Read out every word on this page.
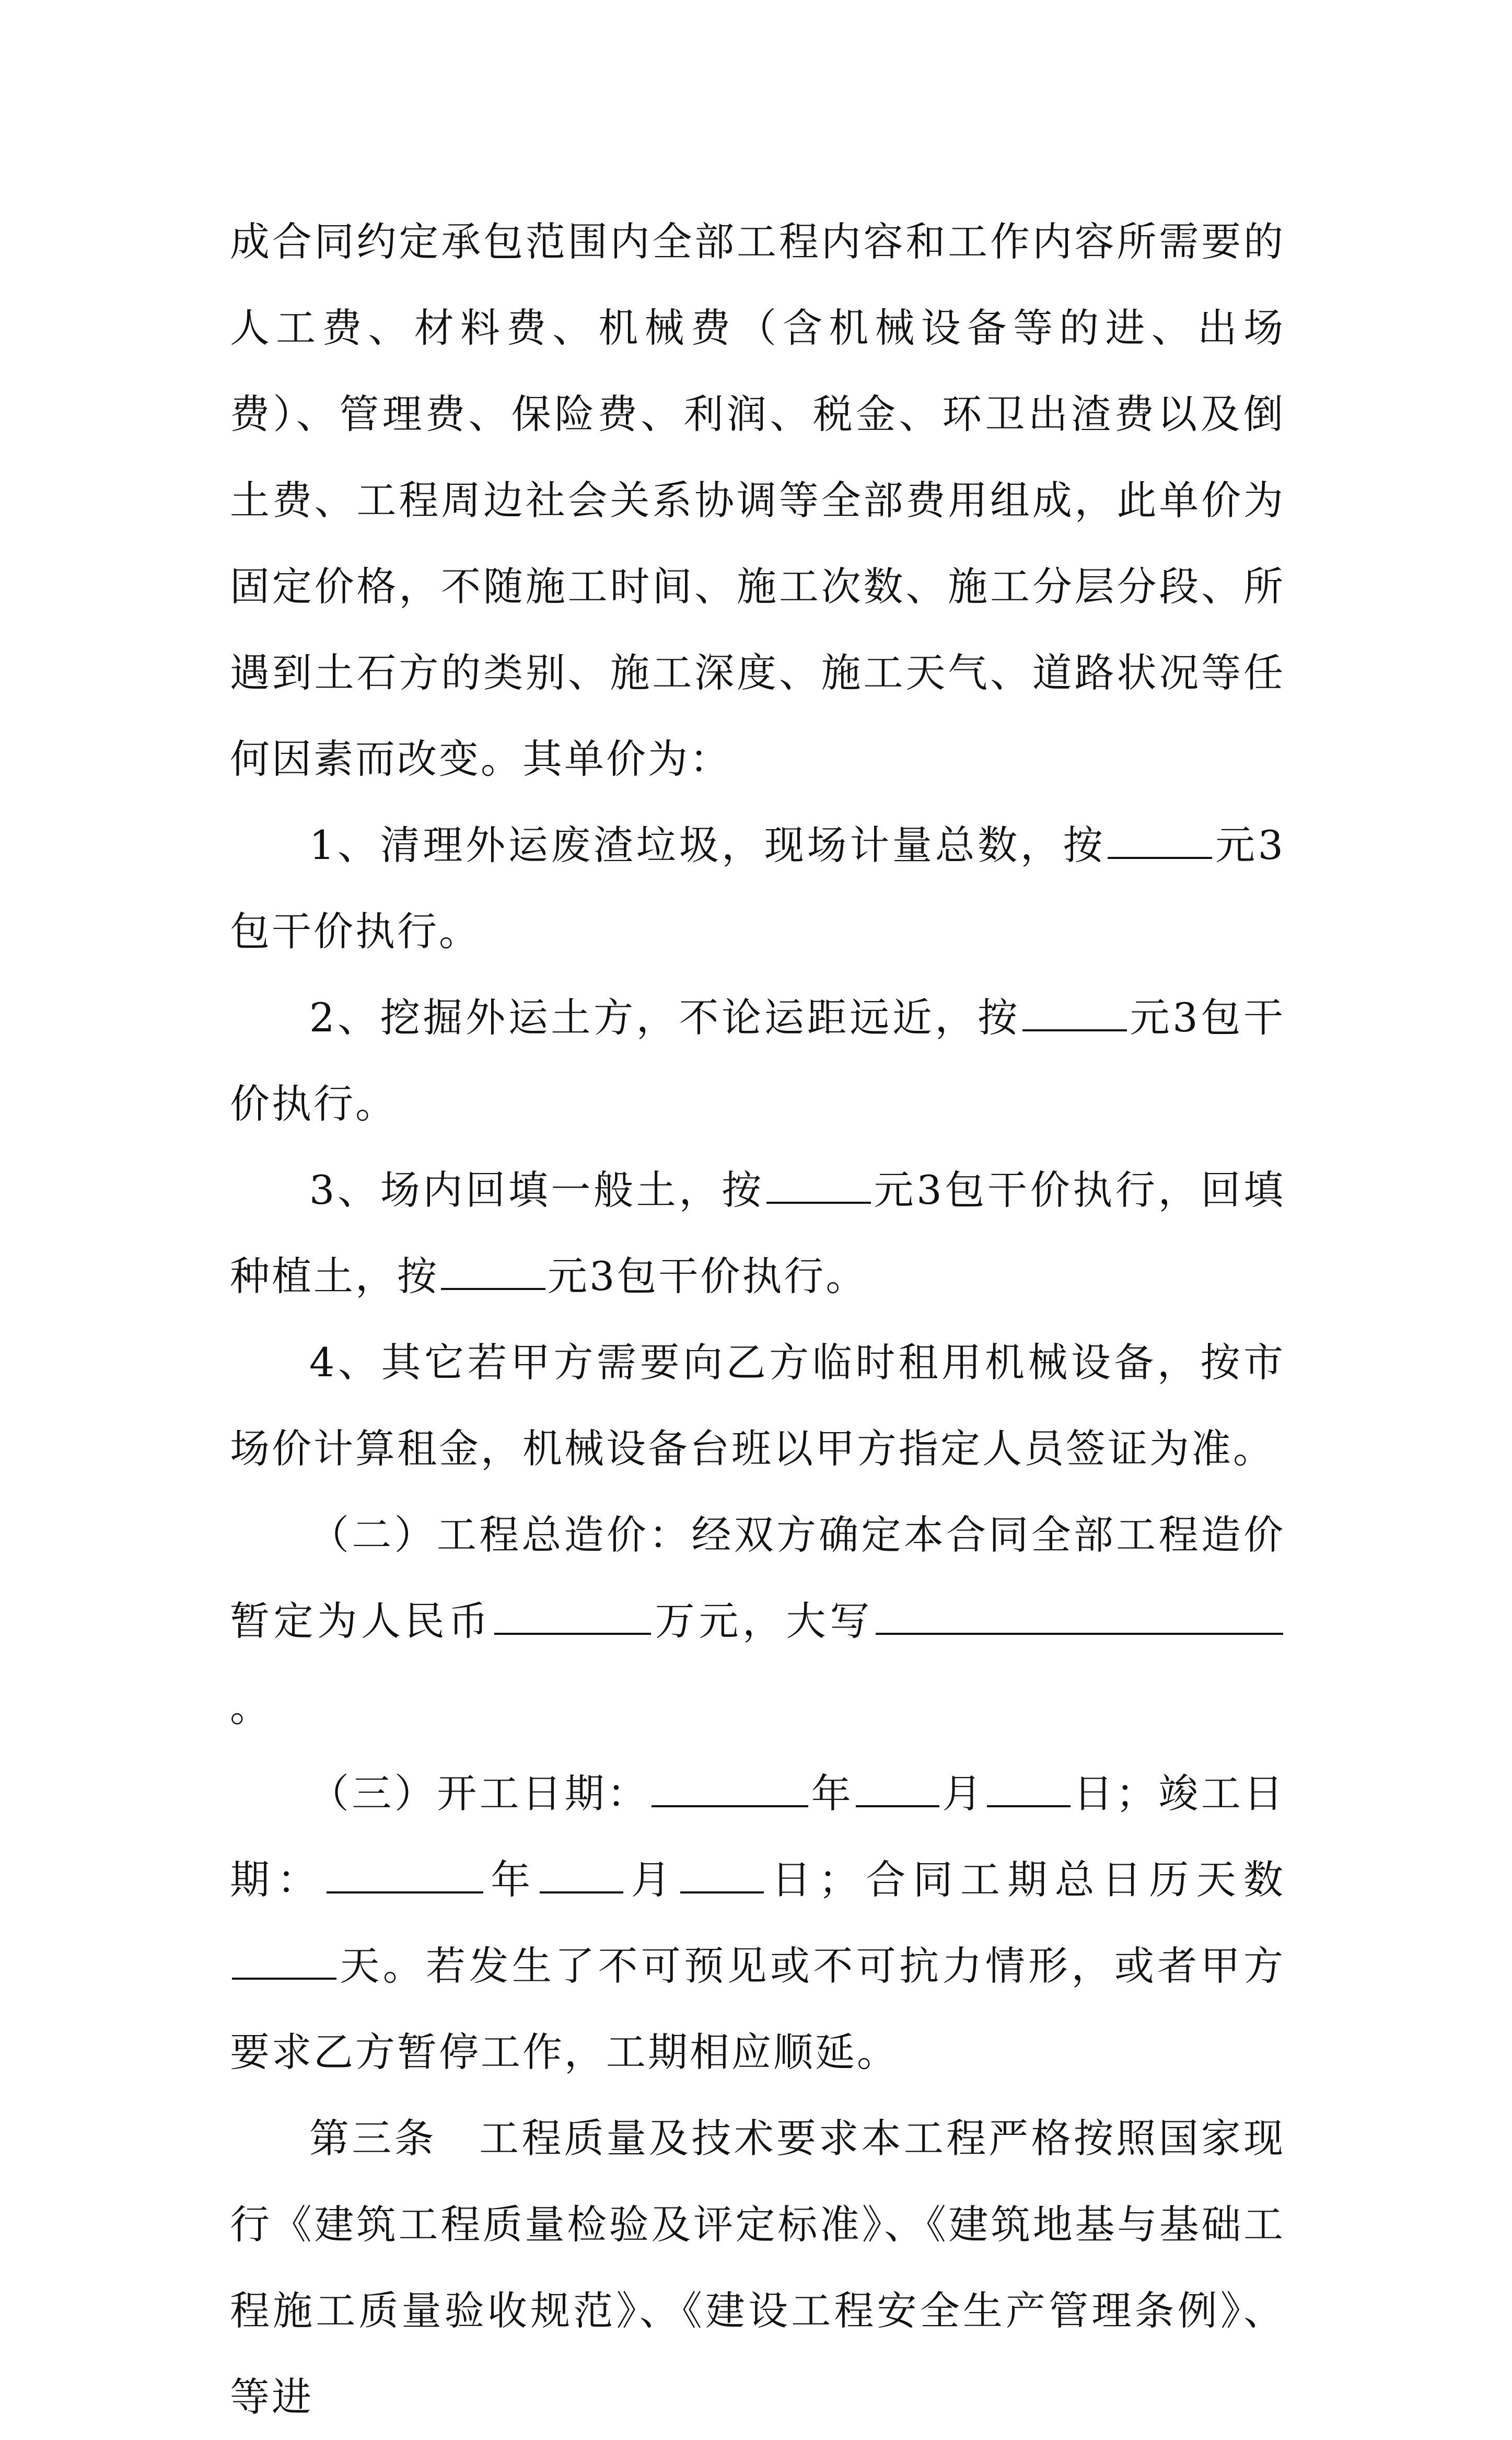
成合同约定承包范围内全部工程内容和工作内容所需要的人工费、材料费、机械费（含机械设备等的进、出场费）、管理费、保险费、利润、税金、环卫出渣费以及倒土费、工程周边社会关系协调等全部费用组成，此单价为固定价格，不随施工时间、施工次数、施工分层分段、所遇到土石方的类别、施工深度、施工天气、道路状况等任何因素而改变。其单价为：

1、清理外运废渣垃圾，现场计量总数，按	元3包干价执行。

2、挖掘外运土方，不论运距远近，按	元3包干价执行。

3、场内回填一般土，按	元3包干价执行，回填种植土，按	元3包干价执行。

4、其它若甲方需要向乙方临时租用机械设备，按市场价计算租金，机械设备台班以甲方指定人员签证为准。

（二）工程总造价：经双方确定本合同全部工程造价暂定为人民币	万元，大写。

（三）开工日期：	年 月 日；竣工日期：	年 月 日；合同工期总日历天数天。若发生了不可预见或不可抗力情形，或者甲方要求乙方暂停工作，工期相应顺延。

第三条　工程质量及技术要求本工程严格按照国家现行《建筑工程质量检验及评定标准》、《建筑地基与基础工程施工质量验收规范》、《建设工程安全生产管理条例》、等进
